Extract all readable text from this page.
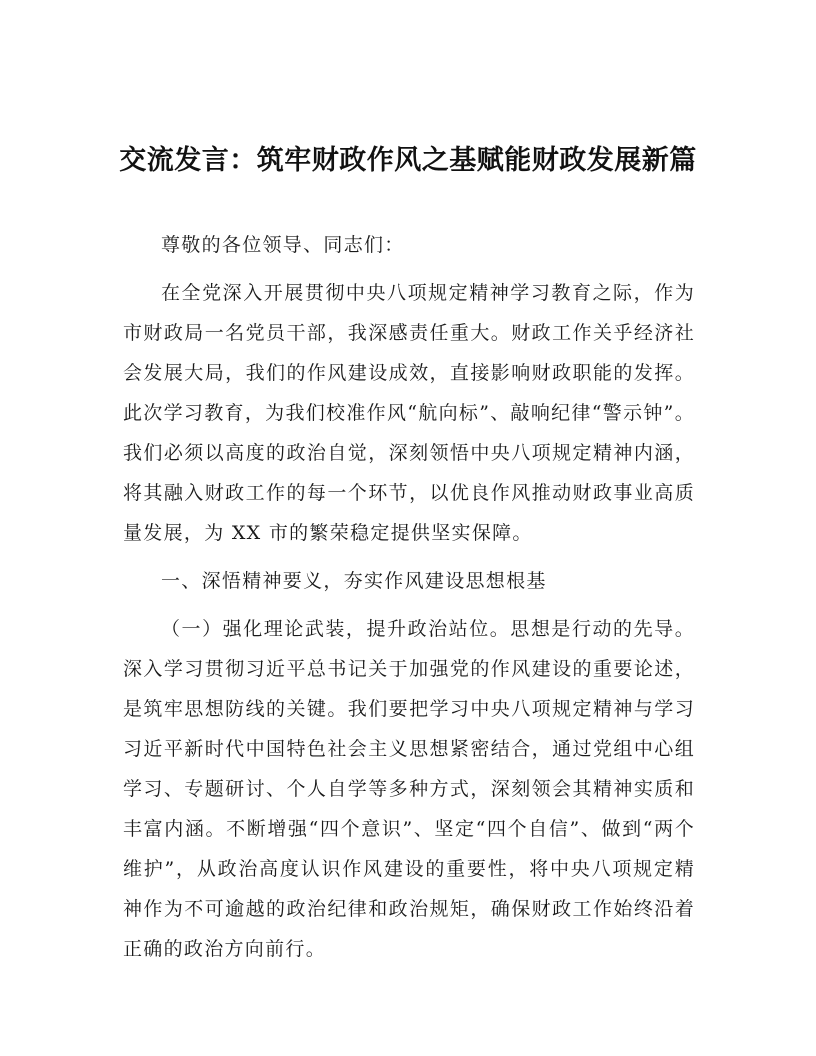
交流发言：筑牢财政作风之基赋能财政发展新篇

尊敬的各位领导、同志们：

在全党深入开展贯彻中央八项规定精神学习教育之际，作为市财政局一名党员干部，我深感责任重大。财政工作关乎经济社会发展大局，我们的作风建设成效，直接影响财政职能的发挥。此次学习教育，为我们校准作风“航向标”、敲响纪律“警示钟”。我们必须以高度的政治自觉，深刻领悟中央八项规定精神内涵，将其融入财政工作的每一个环节，以优良作风推动财政事业高质量发展，为 XX 市的繁荣稳定提供坚实保障。

一、深悟精神要义，夯实作风建设思想根基

（一）强化理论武装，提升政治站位。思想是行动的先导。深入学习贯彻习近平总书记关于加强党的作风建设的重要论述，是筑牢思想防线的关键。我们要把学习中央八项规定精神与学习习近平新时代中国特色社会主义思想紧密结合，通过党组中心组学习、专题研讨、个人自学等多种方式，深刻领会其精神实质和丰富内涵。不断增强“四个意识”、坚定“四个自信”、做到“两个维护”，从政治高度认识作风建设的重要性，将中央八项规定精神作为不可逾越的政治纪律和政治规矩，确保财政工作始终沿着正确的政治方向前行。
